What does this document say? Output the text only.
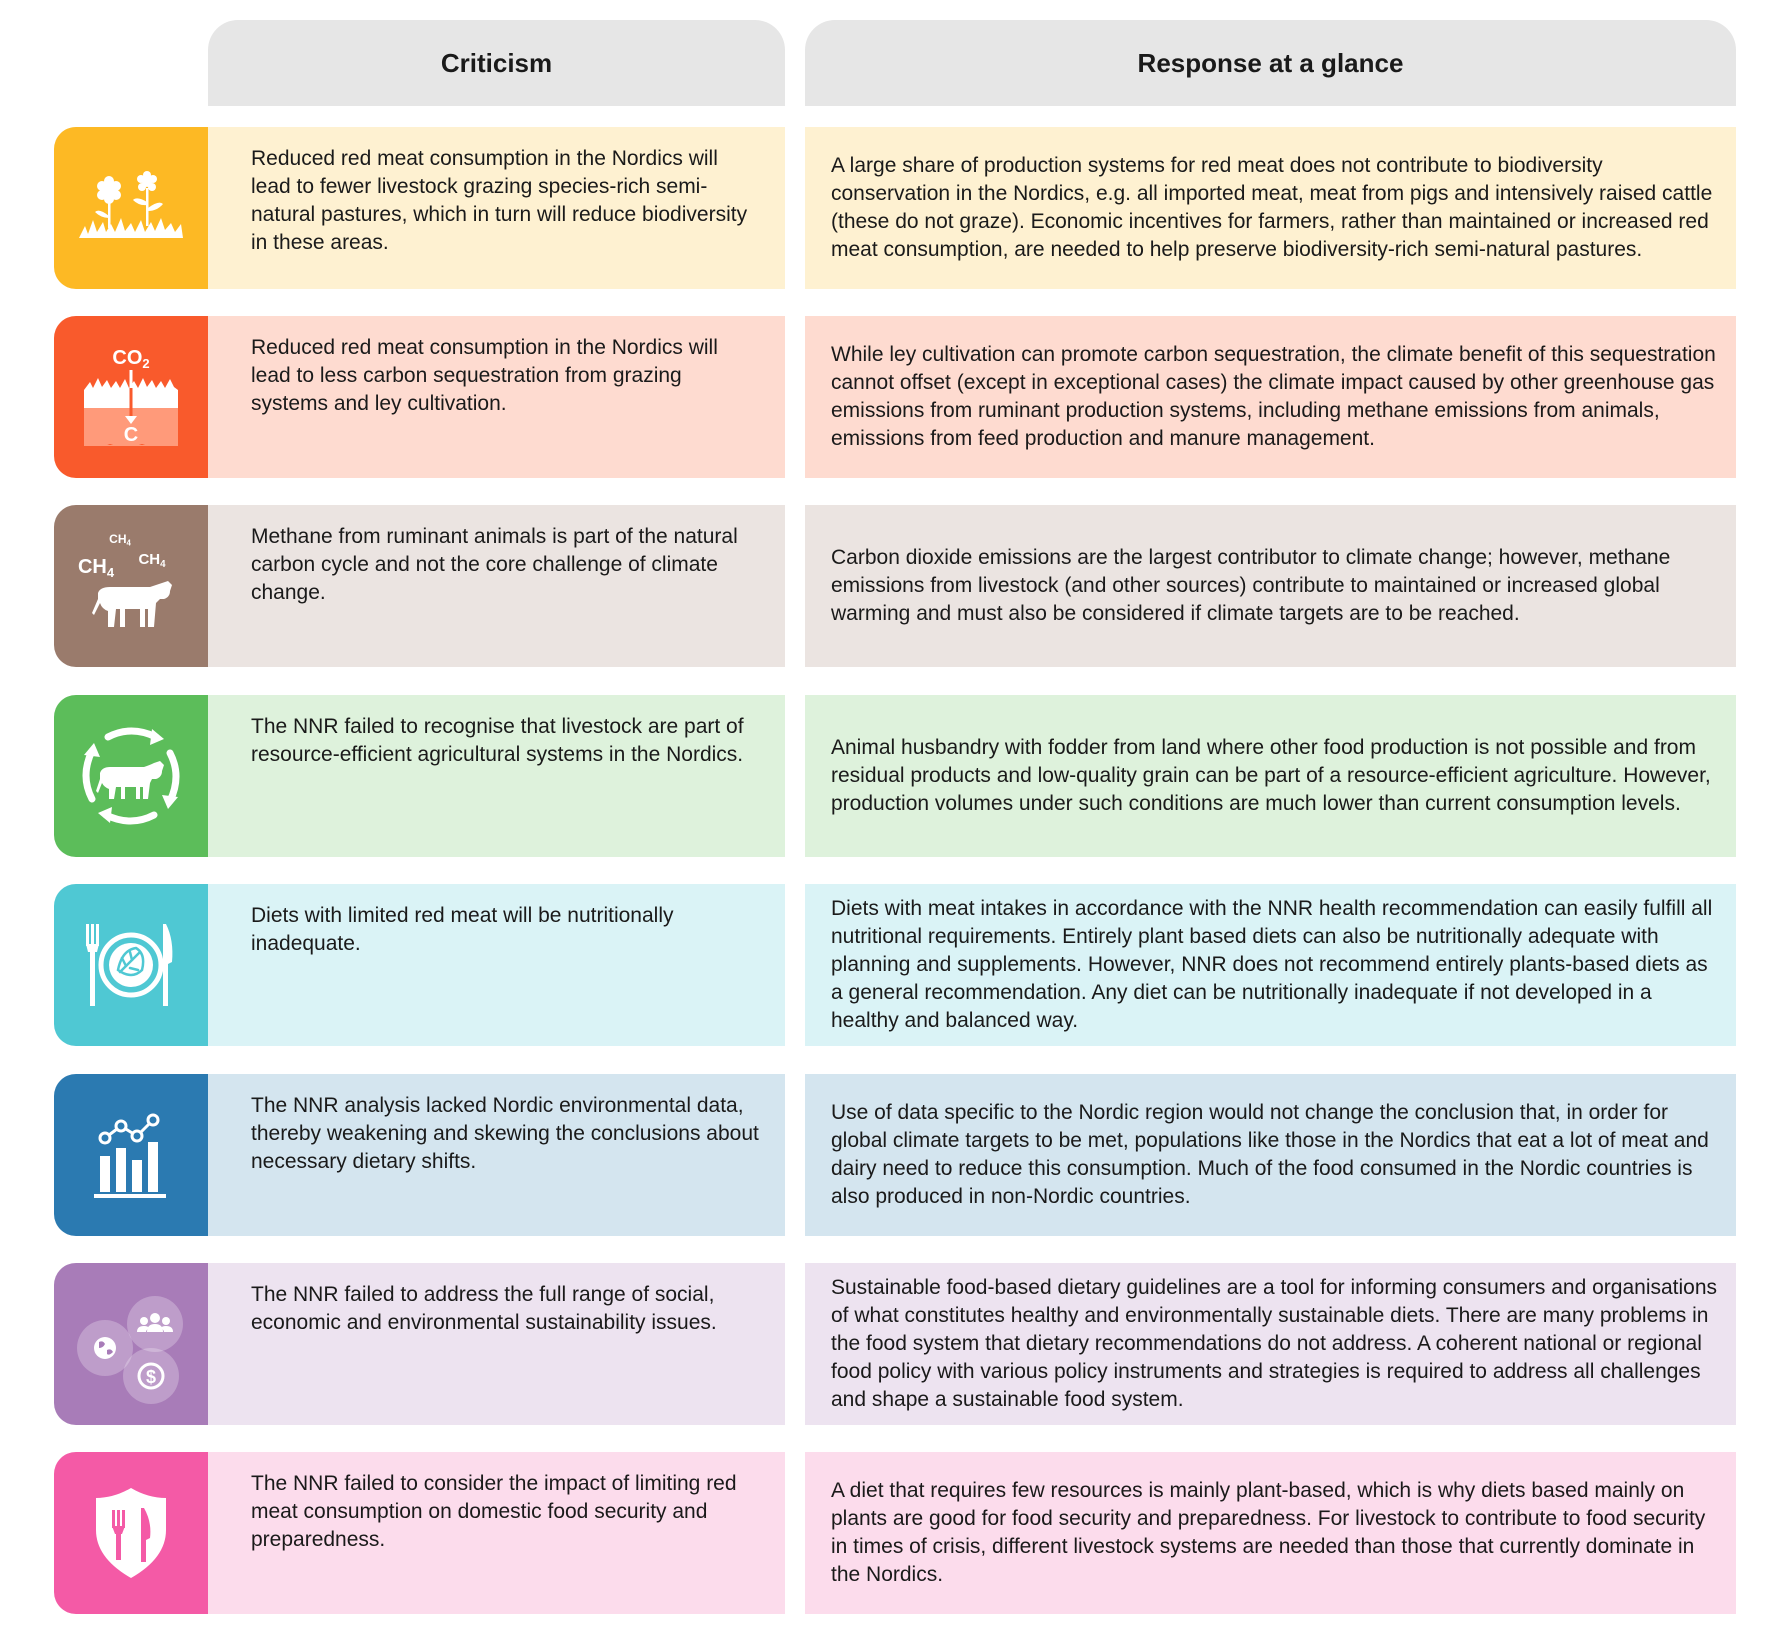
Criticism	Response at a glance
Reduced red meat consumption in the Nordics will lead to fewer livestock grazing species-rich semi-natural pastures, which in turn will reduce biodiversity in these areas.
A large share of production systems for red meat does not contribute to biodiversity conservation in the Nordics, e.g. all imported meat, meat from pigs and intensively raised cattle (these do not graze). Economic incentives for farmers, rather than maintained or increased red meat consumption, are needed to help preserve biodiversity-rich semi-natural pastures.
CO2
C
Reduced red meat consumption in the Nordics will lead to less carbon sequestration from grazing systems and ley cultivation.
While ley cultivation can promote carbon sequestration, the climate benefit of this sequestration cannot offset (except in exceptional cases) the climate impact caused by other greenhouse gas emissions from ruminant production systems, including methane emissions from animals, emissions from feed production and manure management.
CH4
CH4
CH4
Methane from ruminant animals is part of the natural carbon cycle and not the core challenge of climate change.
Carbon dioxide emissions are the largest contributor to climate change; however, methane emissions from livestock (and other sources) contribute to maintained or increased global warming and must also be considered if climate targets are to be reached.
The NNR failed to recognise that livestock are part of resource-efficient agricultural systems in the Nordics.	Animal husbandry with fodder from land where other food production is not possible and from residual products and low-quality grain can be part of a resource-efficient agriculture. However, production volumes under such conditions are much lower than current consumption levels.
Diets with limited red meat will be nutritionally inadequate.
Diets with meat intakes in accordance with the NNR health recommendation can easily fulfill all nutritional requirements. Entirely plant based diets can also be nutritionally adequate with planning and supplements. However, NNR does not recommend entirely plants-based diets as a general recommendation. Any diet can be nutritionally inadequate if not developed in a healthy and balanced way.
The NNR analysis lacked Nordic environmental data, thereby weakening and skewing the conclusions about necessary dietary shifts.
Use of data specific to the Nordic region would not change the conclusion that, in order for global climate targets to be met, populations like those in the Nordics that eat a lot of meat and dairy need to reduce this consumption. Much of the food consumed in the Nordic countries is also produced in non-Nordic countries.
$
The NNR failed to address the full range of social, economic and environmental sustainability issues.
Sustainable food-based dietary guidelines are a tool for informing consumers and organisations of what constitutes healthy and environmentally sustainable diets. There are many problems in the food system that dietary recommendations do not address. A coherent national or regional food policy with various policy instruments and strategies is required to address all challenges and shape a sustainable food system.
The NNR failed to consider the impact of limiting red meat consumption on domestic food security and preparedness.
A diet that requires few resources is mainly plant-based, which is why diets based mainly on plants are good for food security and preparedness. For livestock to contribute to food security in times of crisis, different livestock systems are needed than those that currently dominate in the Nordics.
